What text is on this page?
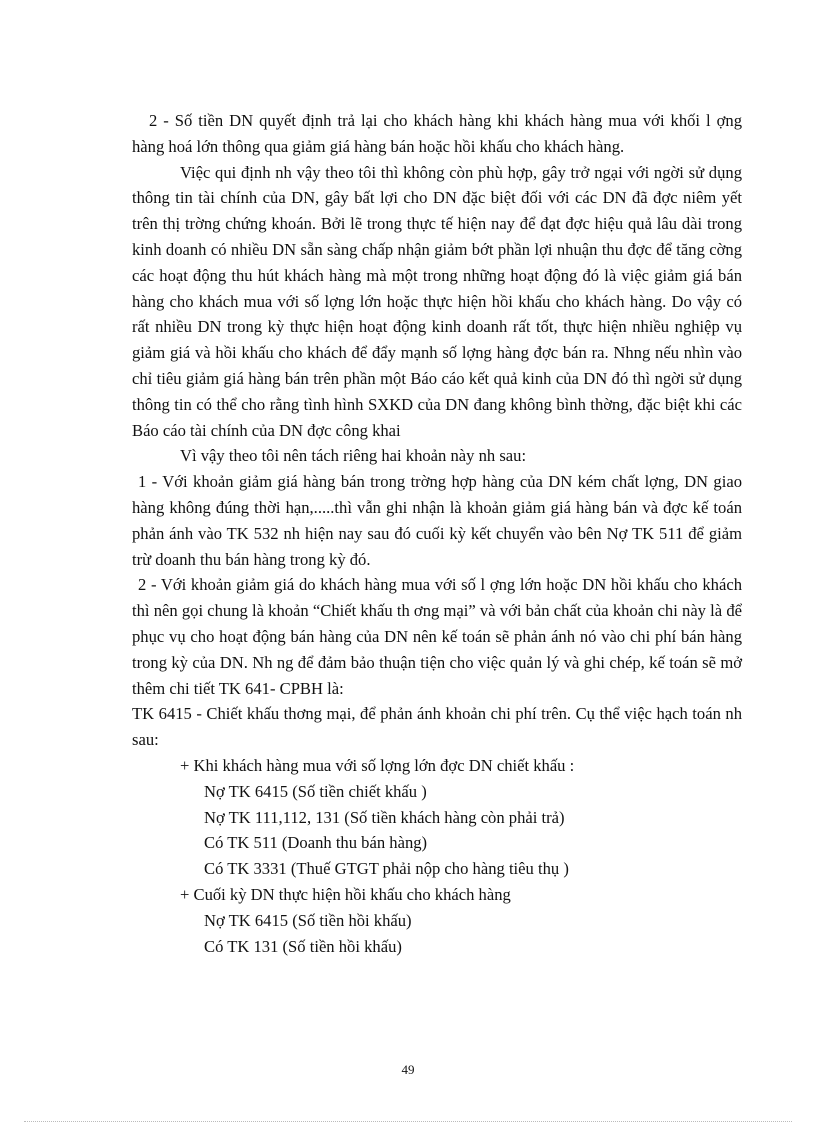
2 - Số tiền DN quyết định trả lại cho khách hàng khi khách hàng mua với khối l ợng hàng hoá lớn thông qua giảm giá hàng bán hoặc hồi khấu cho khách hàng.

Việc qui định nh vậy theo tôi thì không còn phù hợp, gây trở ngại với ngời sử dụng thông tin tài chính của DN, gây bất lợi cho DN đặc biệt đối với các DN đã đợc niêm yết trên thị trờng chứng khoán. Bởi lẽ trong thực tế hiện nay để đạt đợc hiệu quả lâu dài trong kinh doanh có nhiều DN sẵn sàng chấp nhận giảm bớt phần lợi nhuận thu đợc để tăng cờng các hoạt động thu hút khách hàng mà một trong những hoạt động đó là việc giảm giá bán hàng cho khách mua với số lợng lớn hoặc thực hiện hồi khấu cho khách hàng. Do vậy có rất nhiều DN trong kỳ thực hiện hoạt động kinh doanh rất tốt, thực hiện nhiều nghiệp vụ giảm giá và hồi khấu cho khách để đẩy mạnh số lợng hàng đợc bán ra. Nhng nếu nhìn vào chỉ tiêu giảm giá hàng bán trên phần một Báo cáo kết quả kinh của DN đó thì ngời sử dụng thông tin có thể cho rằng tình hình SXKD của DN đang không bình thờng, đặc biệt khi các Báo cáo tài chính của DN đợc công khai

Vì vậy theo tôi nên tách riêng hai khoản này nh sau:

1 - Với khoản giảm giá hàng bán trong trờng hợp hàng của DN kém chất lợng, DN giao hàng không đúng thời hạn,.....thì vẫn ghi nhận là khoản giảm giá hàng bán và đợc kế toán phản ánh vào TK 532 nh hiện nay sau đó cuối kỳ kết chuyển vào bên Nợ TK 511 để giảm trừ doanh thu bán hàng trong kỳ đó.

2 - Với khoản giảm giá do khách hàng mua với số l ợng lớn hoặc DN hồi khấu cho khách thì nên gọi chung là khoản “Chiết khấu th ơng mại” và với bản chất của khoản chi này là để phục vụ cho hoạt động bán hàng của DN nên kế toán sẽ phản ánh nó vào chi phí bán hàng trong kỳ của DN. Nh ng để đảm bảo thuận tiện cho việc quản lý và ghi chép, kế toán sẽ mở thêm chi tiết TK 641- CPBH là:

TK 6415 - Chiết khấu thơng mại, để phản ánh khoản chi phí trên. Cụ thể việc hạch toán nh sau:

+ Khi khách hàng mua với số lợng lớn đợc DN chiết khấu :

Nợ TK 6415 (Số tiền chiết khấu )

Nợ TK 111,112, 131 (Số tiền khách hàng còn phải trả)

Có TK 511 (Doanh thu bán hàng)

Có TK 3331 (Thuế GTGT phải nộp cho hàng tiêu thụ )

+ Cuối kỳ DN thực hiện hồi khấu cho khách hàng

Nợ TK 6415 (Số tiền hồi khấu)

Có TK 131 (Số tiền hồi khấu)

49
